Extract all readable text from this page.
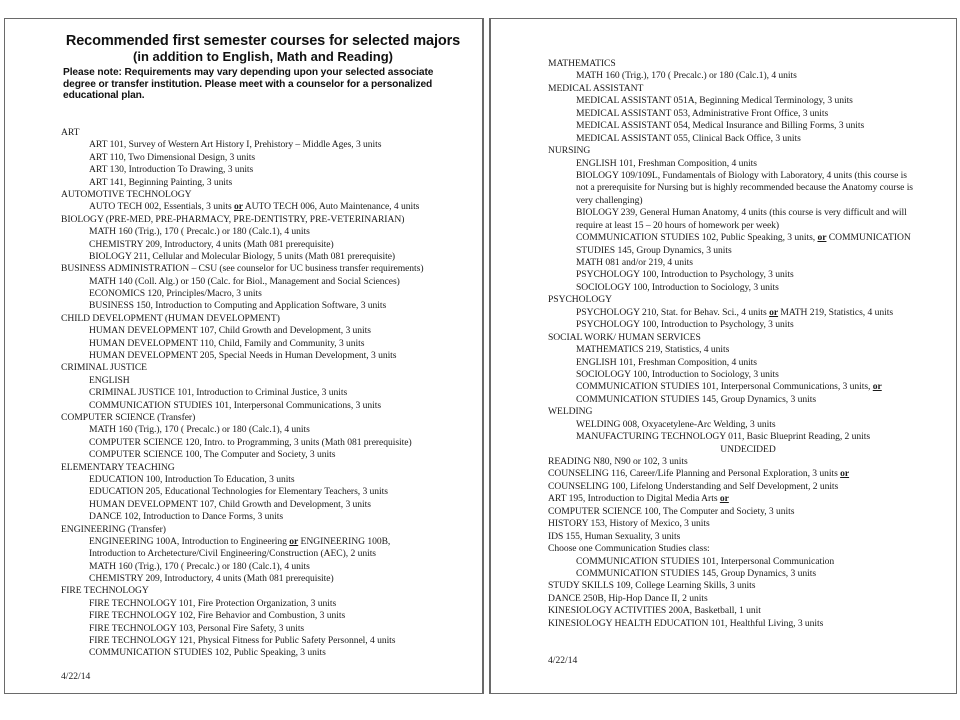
Recommended first semester courses for selected majors
(in addition to English, Math and Reading)
Please note: Requirements may vary depending upon your selected associate degree or transfer institution. Please meet with a counselor for a personalized educational plan.
ART
ART 101, Survey of Western Art History I, Prehistory – Middle Ages, 3 units
ART 110, Two Dimensional Design, 3 units
ART 130, Introduction To Drawing, 3 units
ART 141, Beginning Painting, 3 units
AUTOMOTIVE TECHNOLOGY
AUTO TECH 002, Essentials, 3 units or AUTO TECH 006, Auto Maintenance, 4 units
BIOLOGY (PRE-MED, PRE-PHARMACY, PRE-DENTISTRY, PRE-VETERINARIAN)
MATH 160 (Trig.), 170 ( Precalc.) or 180 (Calc.1), 4 units
CHEMISTRY 209, Introductory, 4 units (Math 081 prerequisite)
BIOLOGY 211, Cellular and Molecular Biology, 5 units (Math 081 prerequisite)
BUSINESS ADMINISTRATION – CSU (see counselor for UC business transfer requirements)
MATH 140 (Coll. Alg.) or 150 (Calc. for Biol., Management and Social Sciences)
ECONOMICS 120, Principles/Macro, 3 units
BUSINESS 150, Introduction to Computing and Application Software, 3 units
CHILD DEVELOPMENT (HUMAN DEVELOPMENT)
HUMAN DEVELOPMENT 107, Child Growth and Development, 3 units
HUMAN DEVELOPMENT 110, Child, Family and Community, 3 units
HUMAN DEVELOPMENT 205, Special Needs in Human Development, 3 units
CRIMINAL JUSTICE
ENGLISH
CRIMINAL JUSTICE 101, Introduction to Criminal Justice, 3 units
COMMUNICATION STUDIES 101, Interpersonal Communications, 3 units
COMPUTER SCIENCE (Transfer)
MATH 160 (Trig.), 170 ( Precalc.) or 180 (Calc.1), 4 units
COMPUTER SCIENCE 120, Intro. to Programming, 3 units (Math 081 prerequisite)
COMPUTER SCIENCE 100, The Computer and Society, 3 units
ELEMENTARY TEACHING
EDUCATION 100, Introduction To Education, 3 units
EDUCATION 205, Educational Technologies for Elementary Teachers, 3 units
HUMAN DEVELOPMENT 107, Child Growth and Development, 3 units
DANCE 102, Introduction to Dance Forms, 3 units
ENGINEERING (Transfer)
ENGINEERING 100A, Introduction to Engineering or ENGINEERING 100B,
Introduction to Archetecture/Civil Engineering/Construction (AEC), 2 units
MATH 160 (Trig.), 170 ( Precalc.) or 180 (Calc.1), 4 units
CHEMISTRY 209, Introductory, 4 units (Math 081 prerequisite)
FIRE TECHNOLOGY
FIRE TECHNOLOGY 101, Fire Protection Organization, 3 units
FIRE TECHNOLOGY 102, Fire Behavior and Combustion, 3 units
FIRE TECHNOLOGY 103, Personal Fire Safety, 3 units
FIRE TECHNOLOGY 121, Physical Fitness for Public Safety Personnel, 4 units
COMMUNICATION STUDIES 102, Public Speaking, 3 units
4/22/14
MATHEMATICS
MATH 160 (Trig.), 170 ( Precalc.) or 180 (Calc.1), 4 units
MEDICAL ASSISTANT
MEDICAL ASSISTANT 051A, Beginning Medical Terminology, 3 units
MEDICAL ASSISTANT 053, Administrative Front Office, 3 units
MEDICAL ASSISTANT 054, Medical Insurance and Billing Forms, 3 units
MEDICAL ASSISTANT 055, Clinical Back Office, 3 units
NURSING
ENGLISH 101, Freshman Composition, 4 units
BIOLOGY 109/109L, Fundamentals of Biology with Laboratory, 4 units (this course is
not a prerequisite for Nursing but is highly recommended because the Anatomy course is
very challenging)
BIOLOGY 239, General Human Anatomy, 4 units (this course is very difficult and will
require at least 15 – 20 hours of homework per week)
COMMUNICATION STUDIES 102, Public Speaking, 3 units, or COMMUNICATION
STUDIES 145, Group Dynamics, 3 units
MATH 081 and/or 219, 4 units
PSYCHOLOGY 100, Introduction to Psychology, 3 units
SOCIOLOGY 100, Introduction to Sociology, 3 units
PSYCHOLOGY
PSYCHOLOGY 210, Stat. for Behav. Sci., 4 units or MATH 219, Statistics, 4 units
PSYCHOLOGY 100, Introduction to Psychology, 3 units
SOCIAL WORK/ HUMAN SERVICES
MATHEMATICS 219, Statistics, 4 units
ENGLISH 101, Freshman Composition, 4 units
SOCIOLOGY 100, Introduction to Sociology, 3 units
COMMUNICATION STUDIES 101, Interpersonal Communications, 3 units, or
COMMUNICATION STUDIES 145, Group Dynamics, 3 units
WELDING
WELDING 008, Oxyacetylene-Arc Welding, 3 units
MANUFACTURING TECHNOLOGY 011, Basic Blueprint Reading, 2 units
UNDECIDED
READING N80, N90 or 102, 3 units
COUNSELING 116, Career/Life Planning and Personal Exploration, 3 units or
COUNSELING 100, Lifelong Understanding and Self Development, 2 units
ART 195, Introduction to Digital Media Arts or
COMPUTER SCIENCE 100, The Computer and Society, 3 units
HISTORY 153, History of Mexico, 3 units
IDS 155, Human Sexuality, 3 units
Choose one Communication Studies class:
COMMUNICATION STUDIES 101, Interpersonal Communication
COMMUNICATION STUDIES 145, Group Dynamics, 3 units
STUDY SKILLS 109, College Learning Skills, 3 units
DANCE 250B, Hip-Hop Dance II, 2 units
KINESIOLOGY ACTIVITIES 200A, Basketball, 1 unit
KINESIOLOGY HEALTH EDUCATION 101, Healthful Living, 3 units
4/22/14
